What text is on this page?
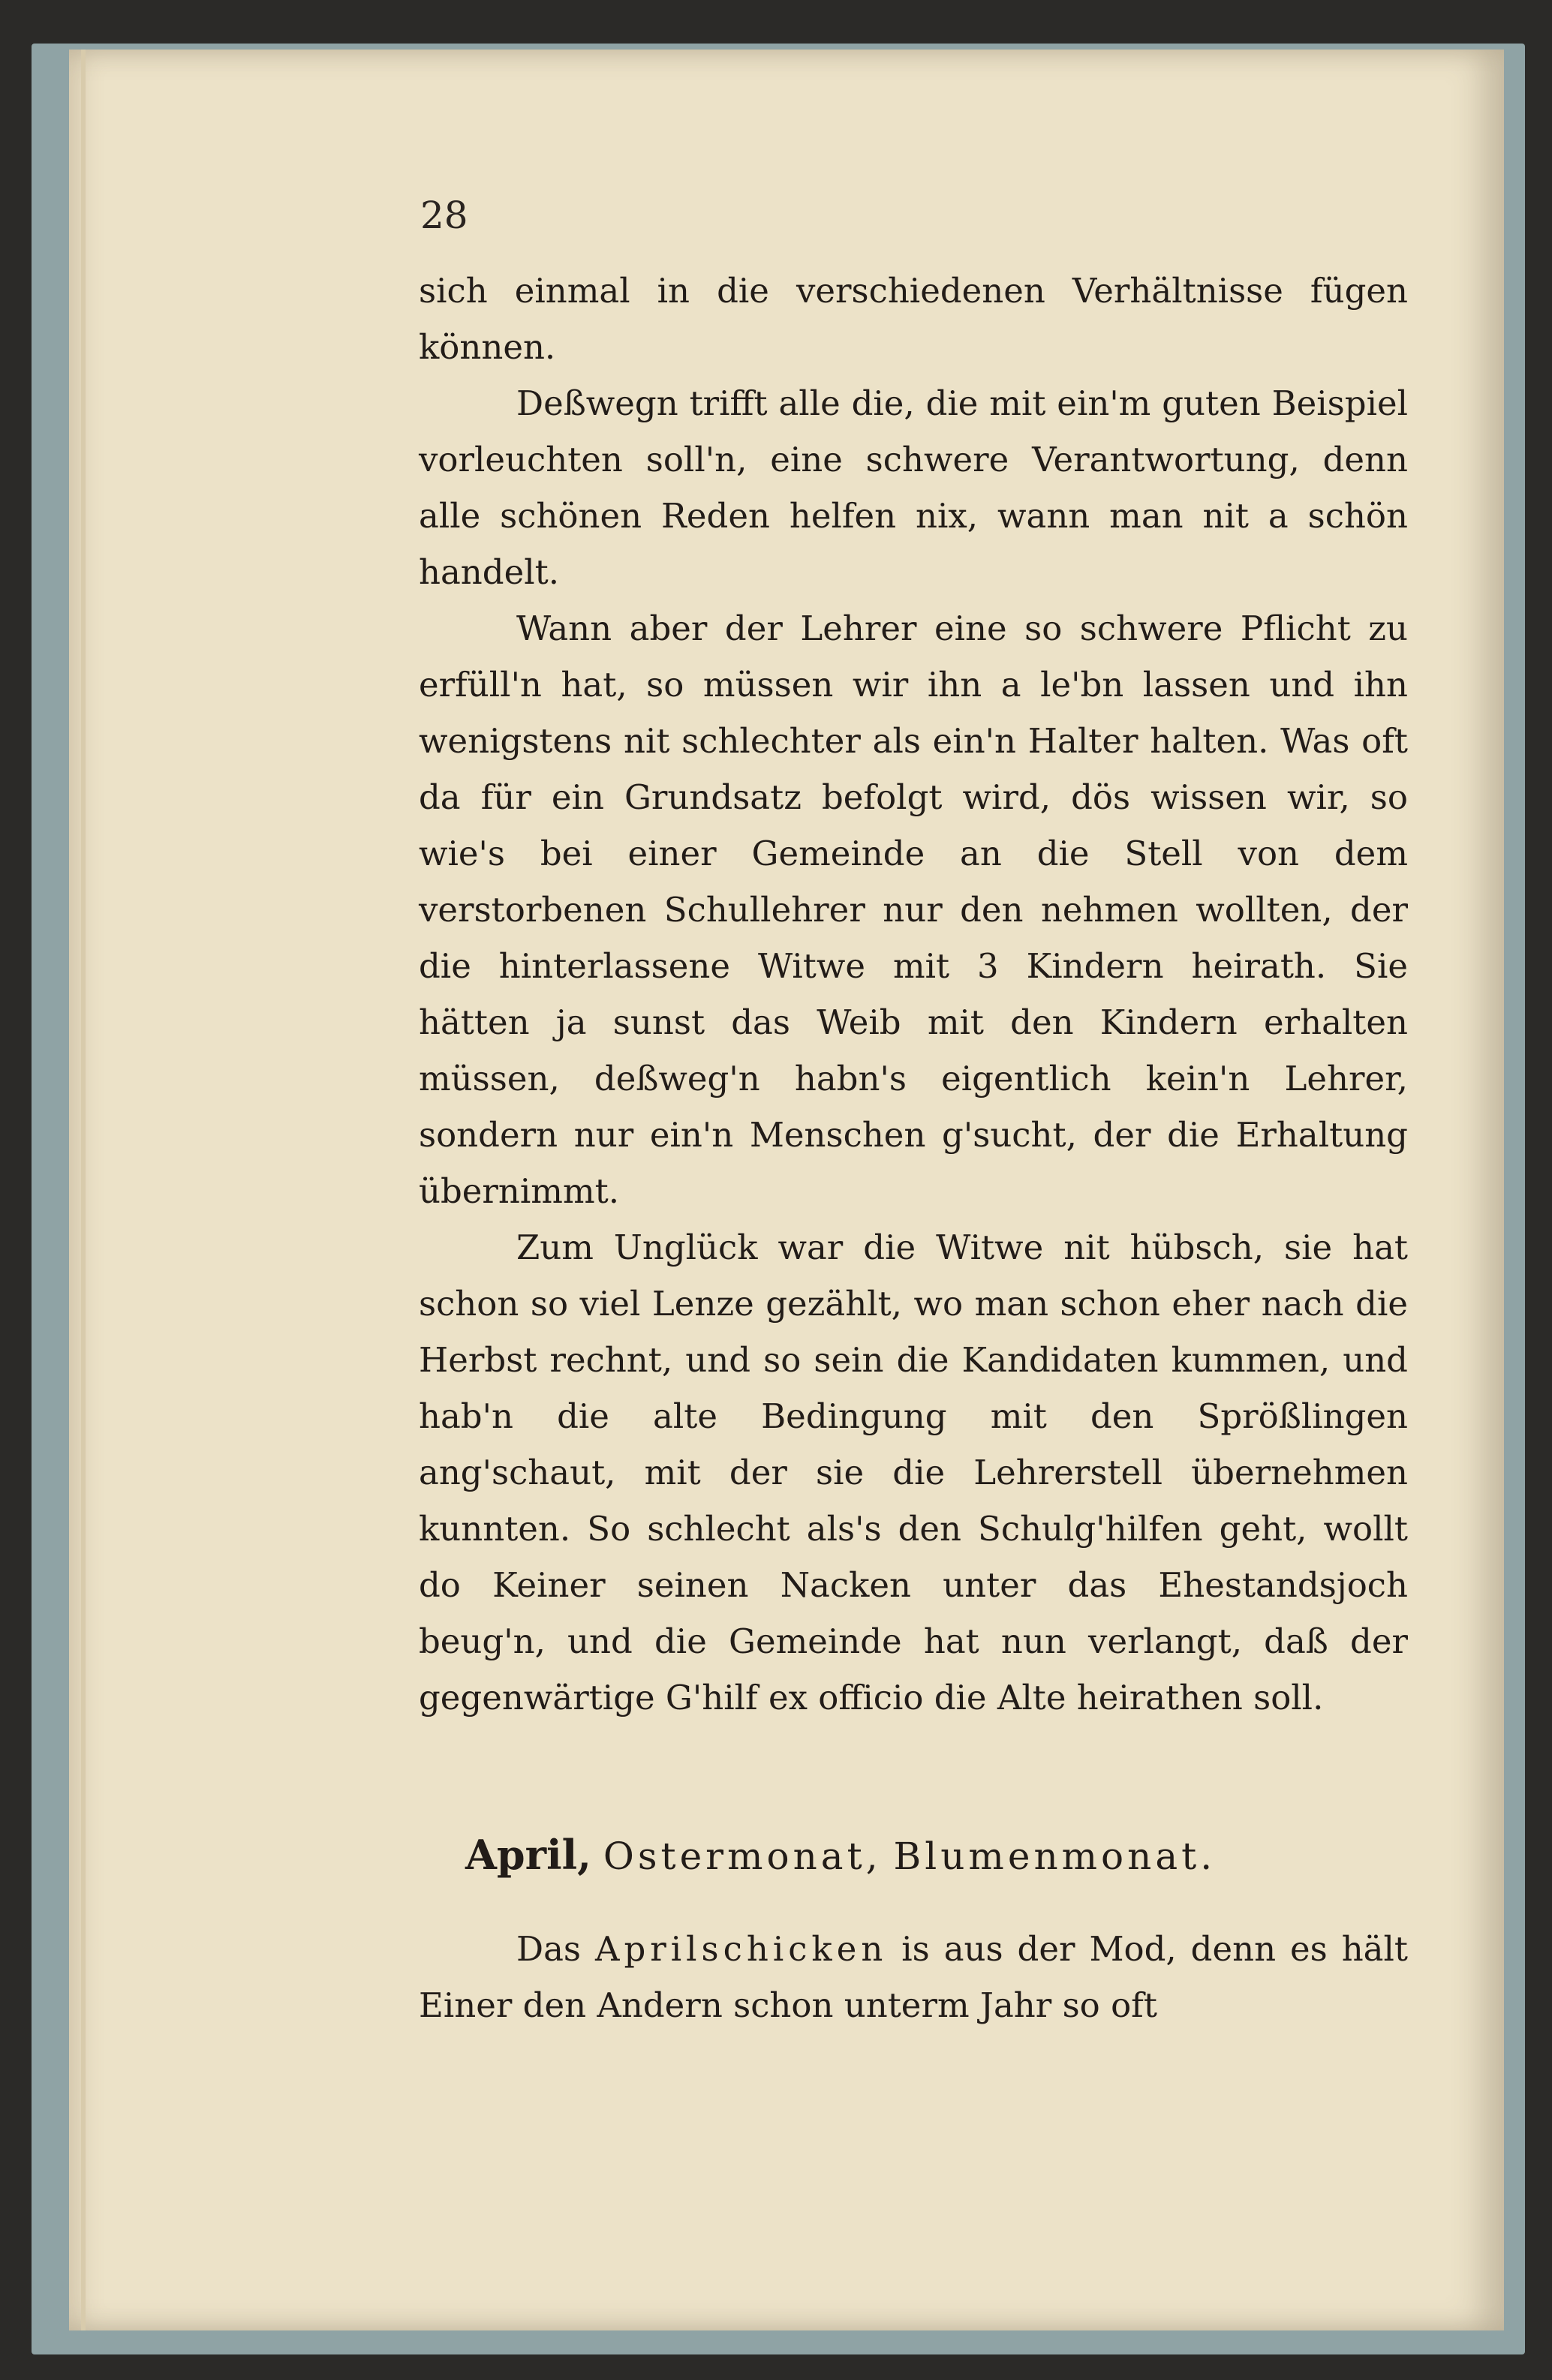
28

sich einmal in die verschiedenen Verhältnisse fügen können.

Deßwegn trifft alle die, die mit ein'm guten Beispiel vorleuchten soll'n, eine schwere Verantwortung, denn alle schönen Reden helfen nix, wann man nit a schön handelt.

Wann aber der Lehrer eine so schwere Pflicht zu erfüll'n hat, so müssen wir ihn a le'bn lassen und ihn wenigstens nit schlechter als ein'n Halter halten. Was oft da für ein Grundsatz befolgt wird, dös wissen wir, so wie's bei einer Gemeinde an die Stell von dem verstorbenen Schullehrer nur den nehmen wollten, der die hinterlassene Witwe mit 3 Kindern heirath. Sie hätten ja sunst das Weib mit den Kindern erhalten müssen, deßweg'n habn's eigentlich kein'n Lehrer, sondern nur ein'n Menschen g'sucht, der die Erhaltung übernimmt.

Zum Unglück war die Witwe nit hübsch, sie hat schon so viel Lenze gezählt, wo man schon eher nach die Herbst rechnt, und so sein die Kandidaten kummen, und hab'n die alte Bedingung mit den Sprößlingen ang'schaut, mit der sie die Lehrerstell übernehmen kunnten. So schlecht als's den Schulg'hilfen geht, wollt do Keiner seinen Nacken unter das Ehestandsjoch beug'n, und die Gemeinde hat nun verlangt, daß der gegenwärtige G'hilf ex officio die Alte heirathen soll.

April, Ostermonat, Blumenmonat.

Das Aprilschicken is aus der Mod, denn es hält Einer den Andern schon unterm Jahr so oft
